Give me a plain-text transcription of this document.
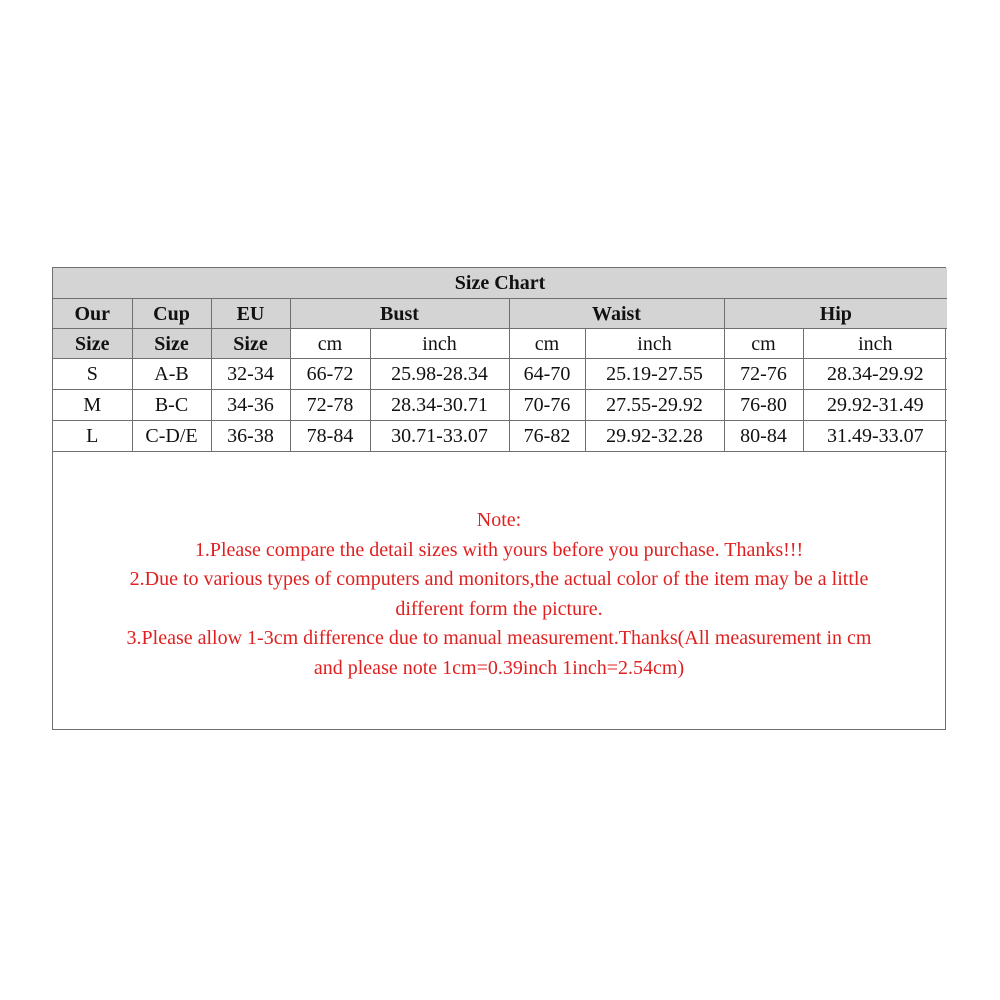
Size Chart								
Our	Cup	EU	Bust		Waist		Hip	
Size	Size	Size	cm	inch	cm	inch	cm	inch
S	A-B	32-34	66-72	25.98-28.34	64-70	25.19-27.55	72-76	28.34-29.92
M	B-C	34-36	72-78	28.34-30.71	70-76	27.55-29.92	76-80	29.92-31.49
L	C-D/E	36-38	78-84	30.71-33.07	76-82	29.92-32.28	80-84	31.49-33.07
Note:
1.Please compare the detail sizes with yours before you purchase. Thanks!!!
2.Due to various types of computers and monitors,the actual color of the item may be a little
different form the picture.
3.Please allow 1-3cm difference due to manual measurement.Thanks(All measurement in cm
and please note 1cm=0.39inch 1inch=2.54cm)
